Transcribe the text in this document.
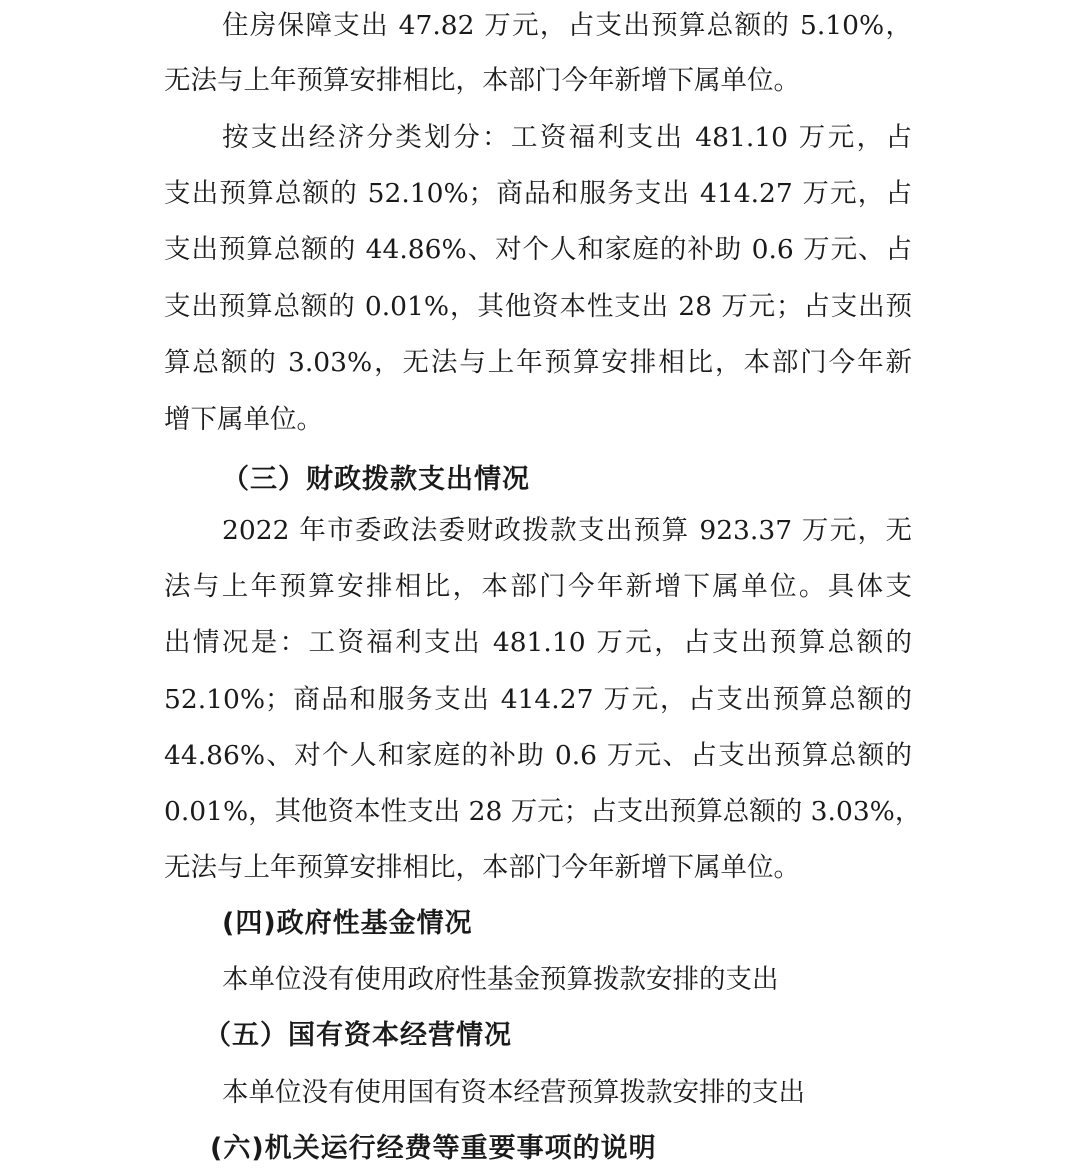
住房保障支出 47.82 万元，占支出预算总额的 5.10%，
无法与上年预算安排相比，本部门今年新增下属单位。
按支出经济分类划分：工资福利支出 481.10 万元，占
支出预算总额的 52.10%；商品和服务支出 414.27 万元，占
支出预算总额的 44.86%、对个人和家庭的补助 0.6 万元、占
支出预算总额的 0.01%，其他资本性支出 28 万元；占支出预
算总额的 3.03%，无法与上年预算安排相比，本部门今年新
增下属单位。
（三）财政拨款支出情况
2022 年市委政法委财政拨款支出预算 923.37 万元，无
法与上年预算安排相比，本部门今年新增下属单位。具体支
出情况是：工资福利支出 481.10 万元，占支出预算总额的
52.10%；商品和服务支出 414.27 万元，占支出预算总额的
44.86%、对个人和家庭的补助 0.6 万元、占支出预算总额的
0.01%，其他资本性支出 28 万元；占支出预算总额的 3.03%，
无法与上年预算安排相比，本部门今年新增下属单位。
(四)政府性基金情况
本单位没有使用政府性基金预算拨款安排的支出
（五）国有资本经营情况
本单位没有使用国有资本经营预算拨款安排的支出
(六)机关运行经费等重要事项的说明
